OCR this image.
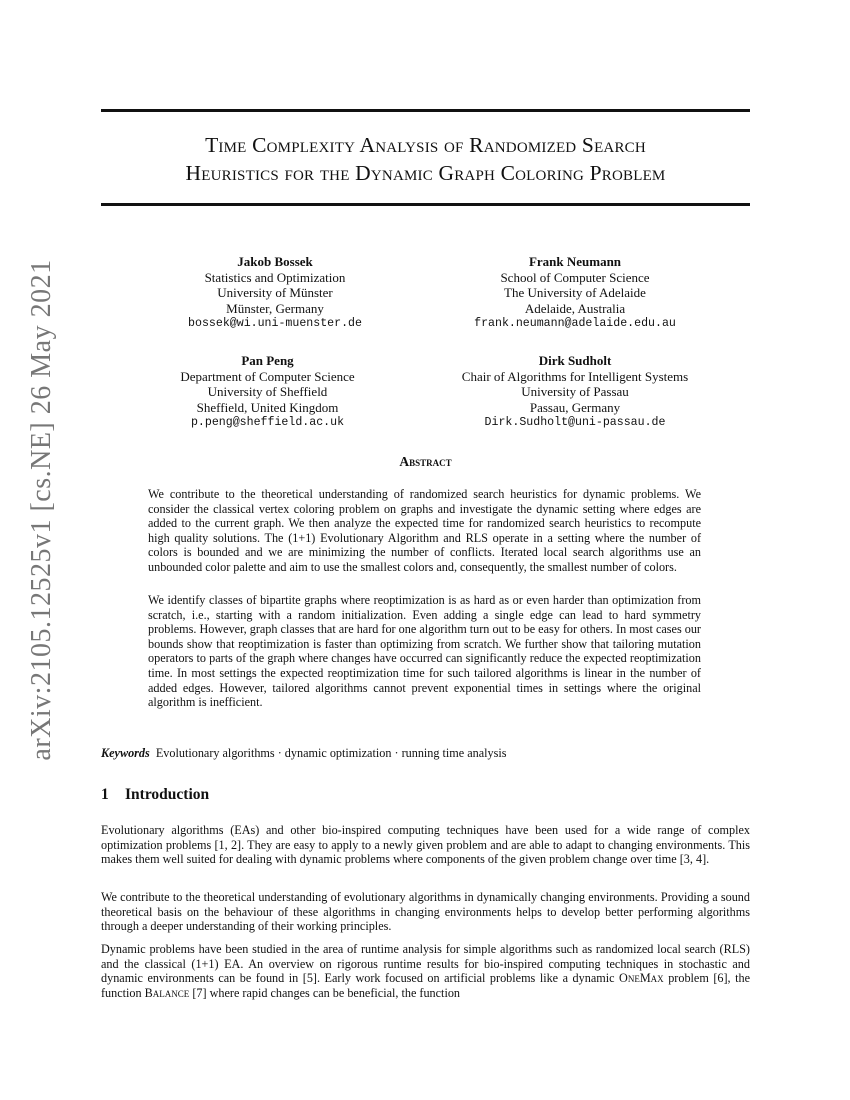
arXiv:2105.12525v1 [cs.NE] 26 May 2021
Time Complexity Analysis of Randomized Search
Heuristics for the Dynamic Graph Coloring Problem
Jakob Bossek
Statistics and Optimization
University of Münster
Münster, Germany
bossek@wi.uni-muenster.de
Frank Neumann
School of Computer Science
The University of Adelaide
Adelaide, Australia
frank.neumann@adelaide.edu.au
Pan Peng
Department of Computer Science
University of Sheffield
Sheffield, United Kingdom
p.peng@sheffield.ac.uk
Dirk Sudholt
Chair of Algorithms for Intelligent Systems
University of Passau
Passau, Germany
Dirk.Sudholt@uni-passau.de
Abstract
We contribute to the theoretical understanding of randomized search heuristics for dynamic problems. We consider the classical vertex coloring problem on graphs and investigate the dynamic setting where edges are added to the current graph. We then analyze the expected time for randomized search heuristics to recompute high quality solutions. The (1+1) Evolutionary Algorithm and RLS operate in a setting where the number of colors is bounded and we are minimizing the number of conflicts. Iterated local search algorithms use an unbounded color palette and aim to use the smallest colors and, consequently, the smallest number of colors.
We identify classes of bipartite graphs where reoptimization is as hard as or even harder than optimization from scratch, i.e., starting with a random initialization. Even adding a single edge can lead to hard symmetry problems. However, graph classes that are hard for one algorithm turn out to be easy for others. In most cases our bounds show that reoptimization is faster than optimizing from scratch. We further show that tailoring mutation operators to parts of the graph where changes have occurred can significantly reduce the expected reoptimization time. In most settings the expected reoptimization time for such tailored algorithms is linear in the number of added edges. However, tailored algorithms cannot prevent exponential times in settings where the original algorithm is inefficient.
Keywords Evolutionary algorithms · dynamic optimization · running time analysis
1 Introduction
Evolutionary algorithms (EAs) and other bio-inspired computing techniques have been used for a wide range of complex optimization problems [1, 2]. They are easy to apply to a newly given problem and are able to adapt to changing environments. This makes them well suited for dealing with dynamic problems where components of the given problem change over time [3, 4].
We contribute to the theoretical understanding of evolutionary algorithms in dynamically changing environments. Providing a sound theoretical basis on the behaviour of these algorithms in changing environments helps to develop better performing algorithms through a deeper understanding of their working principles.
Dynamic problems have been studied in the area of runtime analysis for simple algorithms such as randomized local search (RLS) and the classical (1+1) EA. An overview on rigorous runtime results for bio-inspired computing techniques in stochastic and dynamic environments can be found in [5]. Early work focused on artificial problems like a dynamic OneMax problem [6], the function Balance [7] where rapid changes can be beneficial, the function
